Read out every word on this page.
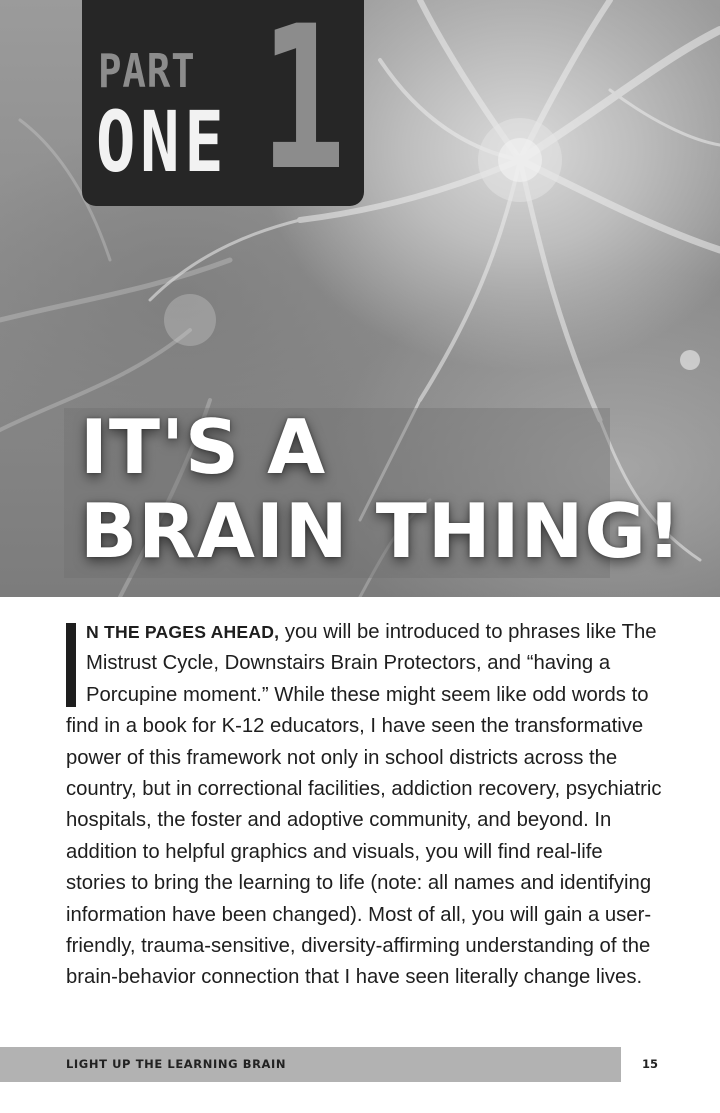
PART
ONE 1
IT'S A
BRAIN THING!

N THE PAGES AHEAD, you will be introduced to phrases like The Mistrust Cycle, Downstairs Brain Protectors, and “having a Porcupine moment.” While these might seem like odd words to find in a book for K-12 educators, I have seen the transformative power of this framework not only in school districts across the country, but in correctional facilities, addiction recovery, psychiatric hospitals, the foster and adoptive community, and beyond. In addition to helpful graphics and visuals, you will find real-life stories to bring the learning to life (note: all names and identifying information have been changed). Most of all, you will gain a user-friendly, trauma-sensitive, diversity-affirming understanding of the brain-behavior connection that I have seen literally change lives.

LIGHT UP THE LEARNING BRAIN	15
